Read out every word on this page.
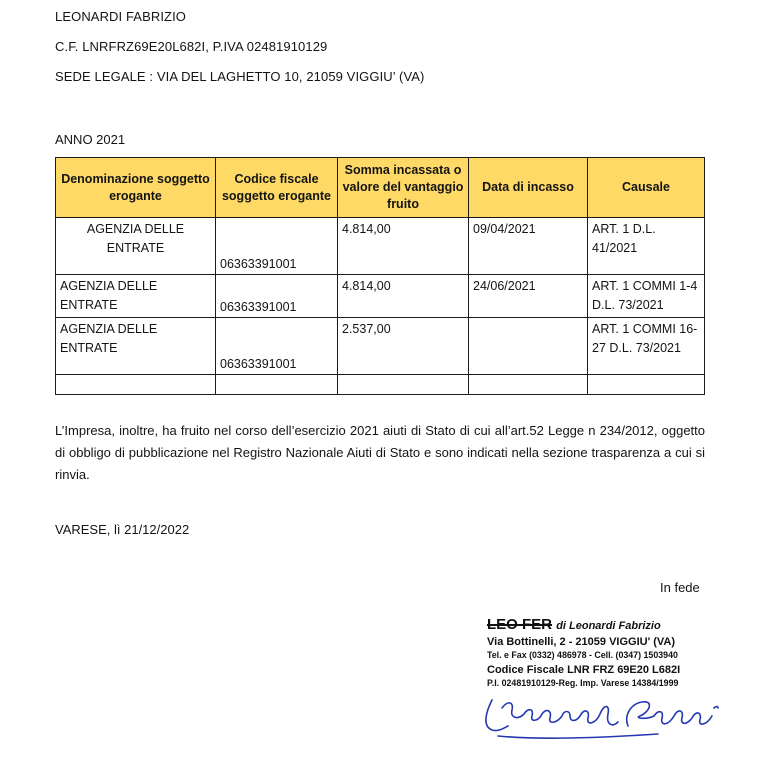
LEONARDI FABRIZIO
C.F. LNRFRZ69E20L682I, P.IVA 02481910129
SEDE LEGALE : VIA DEL LAGHETTO 10, 21059 VIGGIU’ (VA)
ANNO 2021
Denominazione soggetto erogante	Codice fiscale soggetto erogante	Somma incassata o valore del vantaggio fruito	Data di incasso	Causale
AGENZIA DELLE ENTRATE	06363391001	4.814,00	09/04/2021	ART. 1 D.L. 41/2021
AGENZIA DELLE ENTRATE	06363391001	4.814,00	24/06/2021	ART. 1 COMMI 1-4 D.L. 73/2021
AGENZIA DELLE ENTRATE	06363391001	2.537,00		ART. 1 COMMI 16-27 D.L. 73/2021

L’Impresa, inoltre, ha fruito nel corso dell’esercizio 2021 aiuti di Stato di cui all’art.52 Legge n 234/2012, oggetto di obbligo di pubblicazione nel Registro Nazionale Aiuti di Stato e sono indicati nella sezione trasparenza a cui si rinvia.
VARESE, lì 21/12/2022
In fede
LEO FER di Leonardi Fabrizio
Via Bottinelli, 2 - 21059 VIGGIU' (VA)
Tel. e Fax (0332) 486978 - Cell. (0347) 1503940
Codice Fiscale LNR FRZ 69E20 L682I
P.I. 02481910129-Reg. Imp. Varese 14384/1999
